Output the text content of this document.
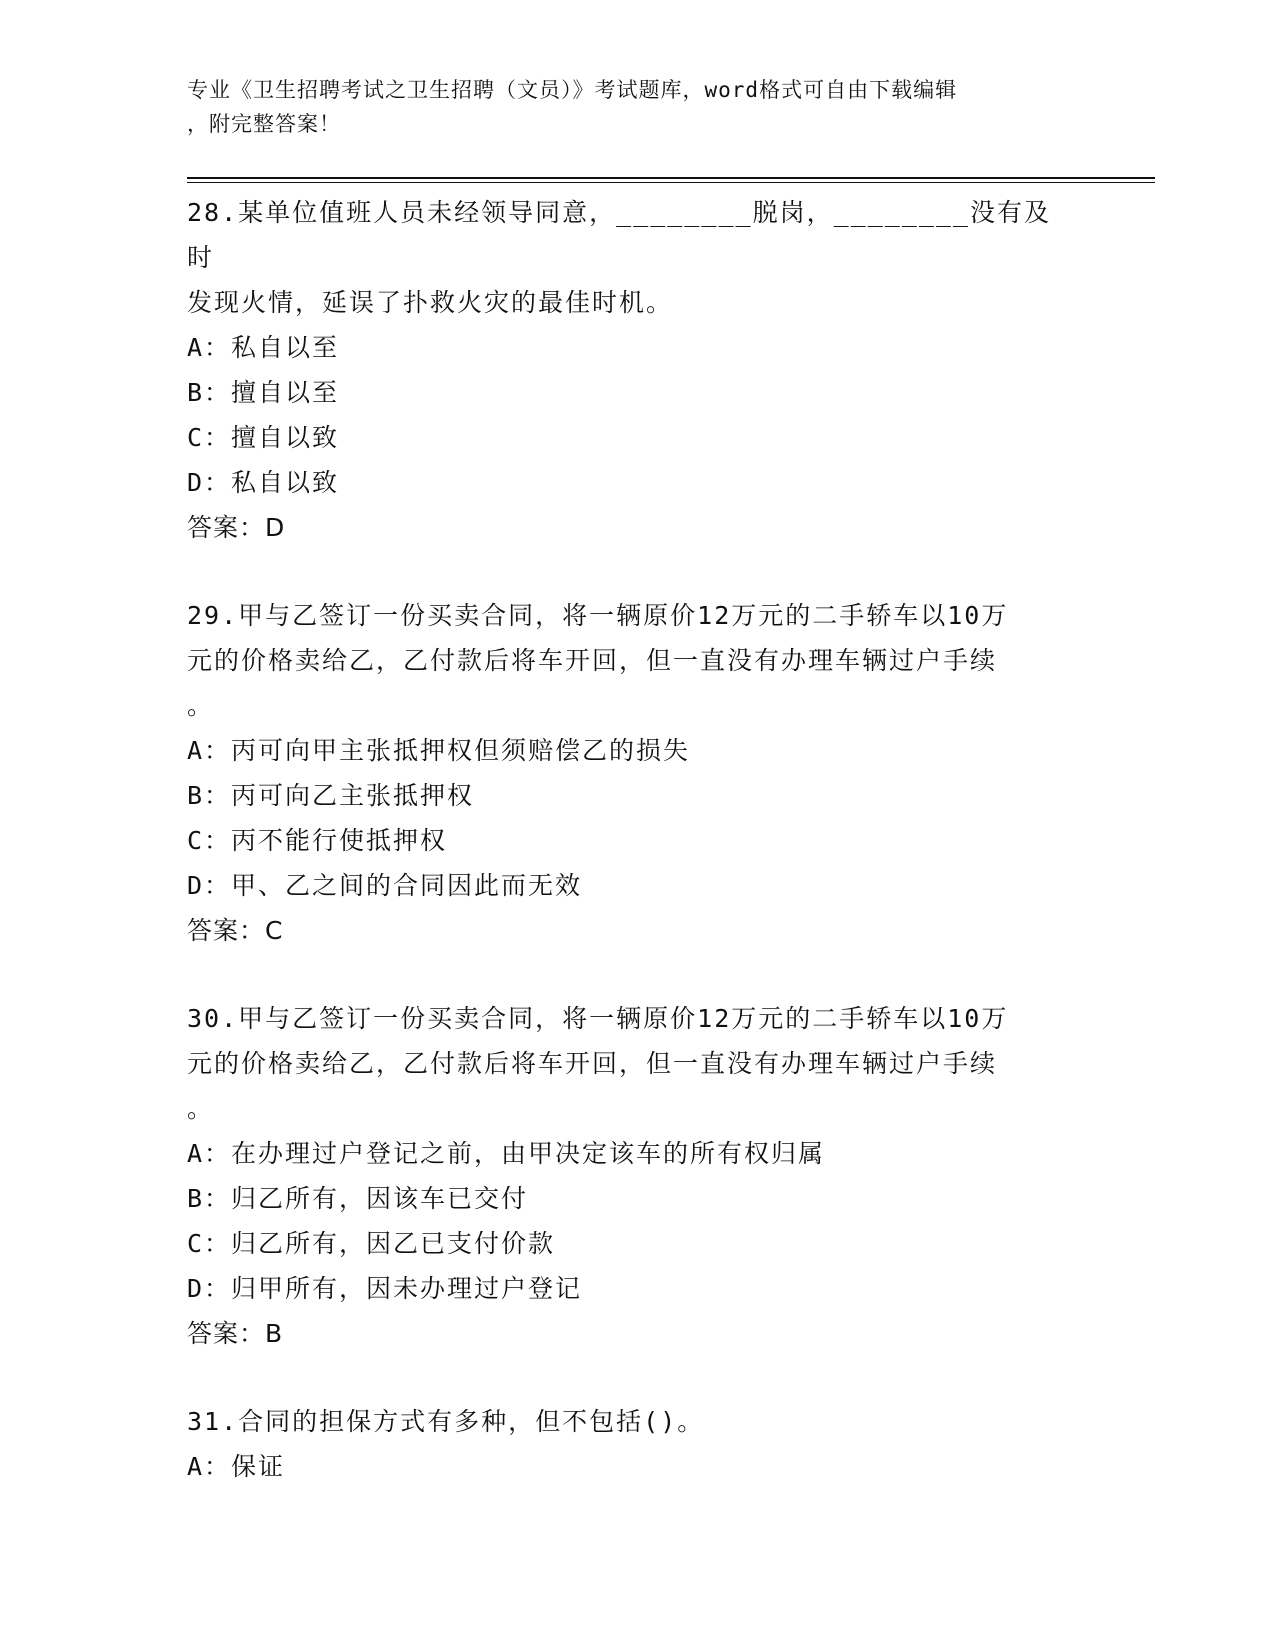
专业《卫生招聘考试之卫生招聘（文员）》考试题库，word格式可自由下载编辑
，附完整答案！

28.某单位值班人员未经领导同意，________脱岗，________没有及时

发现火情，延误了扑救火灾的最佳时机。

A：私自以至

B：擅自以至

C：擅自以致

D：私自以致

答案：D

29.甲与乙签订一份买卖合同，将一辆原价12万元的二手轿车以10万

元的价格卖给乙，乙付款后将车开回，但一直没有办理车辆过户手续

。

A：丙可向甲主张抵押权但须赔偿乙的损失

B：丙可向乙主张抵押权

C：丙不能行使抵押权

D：甲、乙之间的合同因此而无效

答案：C

30.甲与乙签订一份买卖合同，将一辆原价12万元的二手轿车以10万

元的价格卖给乙，乙付款后将车开回，但一直没有办理车辆过户手续

。

A：在办理过户登记之前，由甲决定该车的所有权归属

B：归乙所有，因该车已交付

C：归乙所有，因乙已支付价款

D：归甲所有，因未办理过户登记

答案：B

31.合同的担保方式有多种，但不包括()。

A：保证
